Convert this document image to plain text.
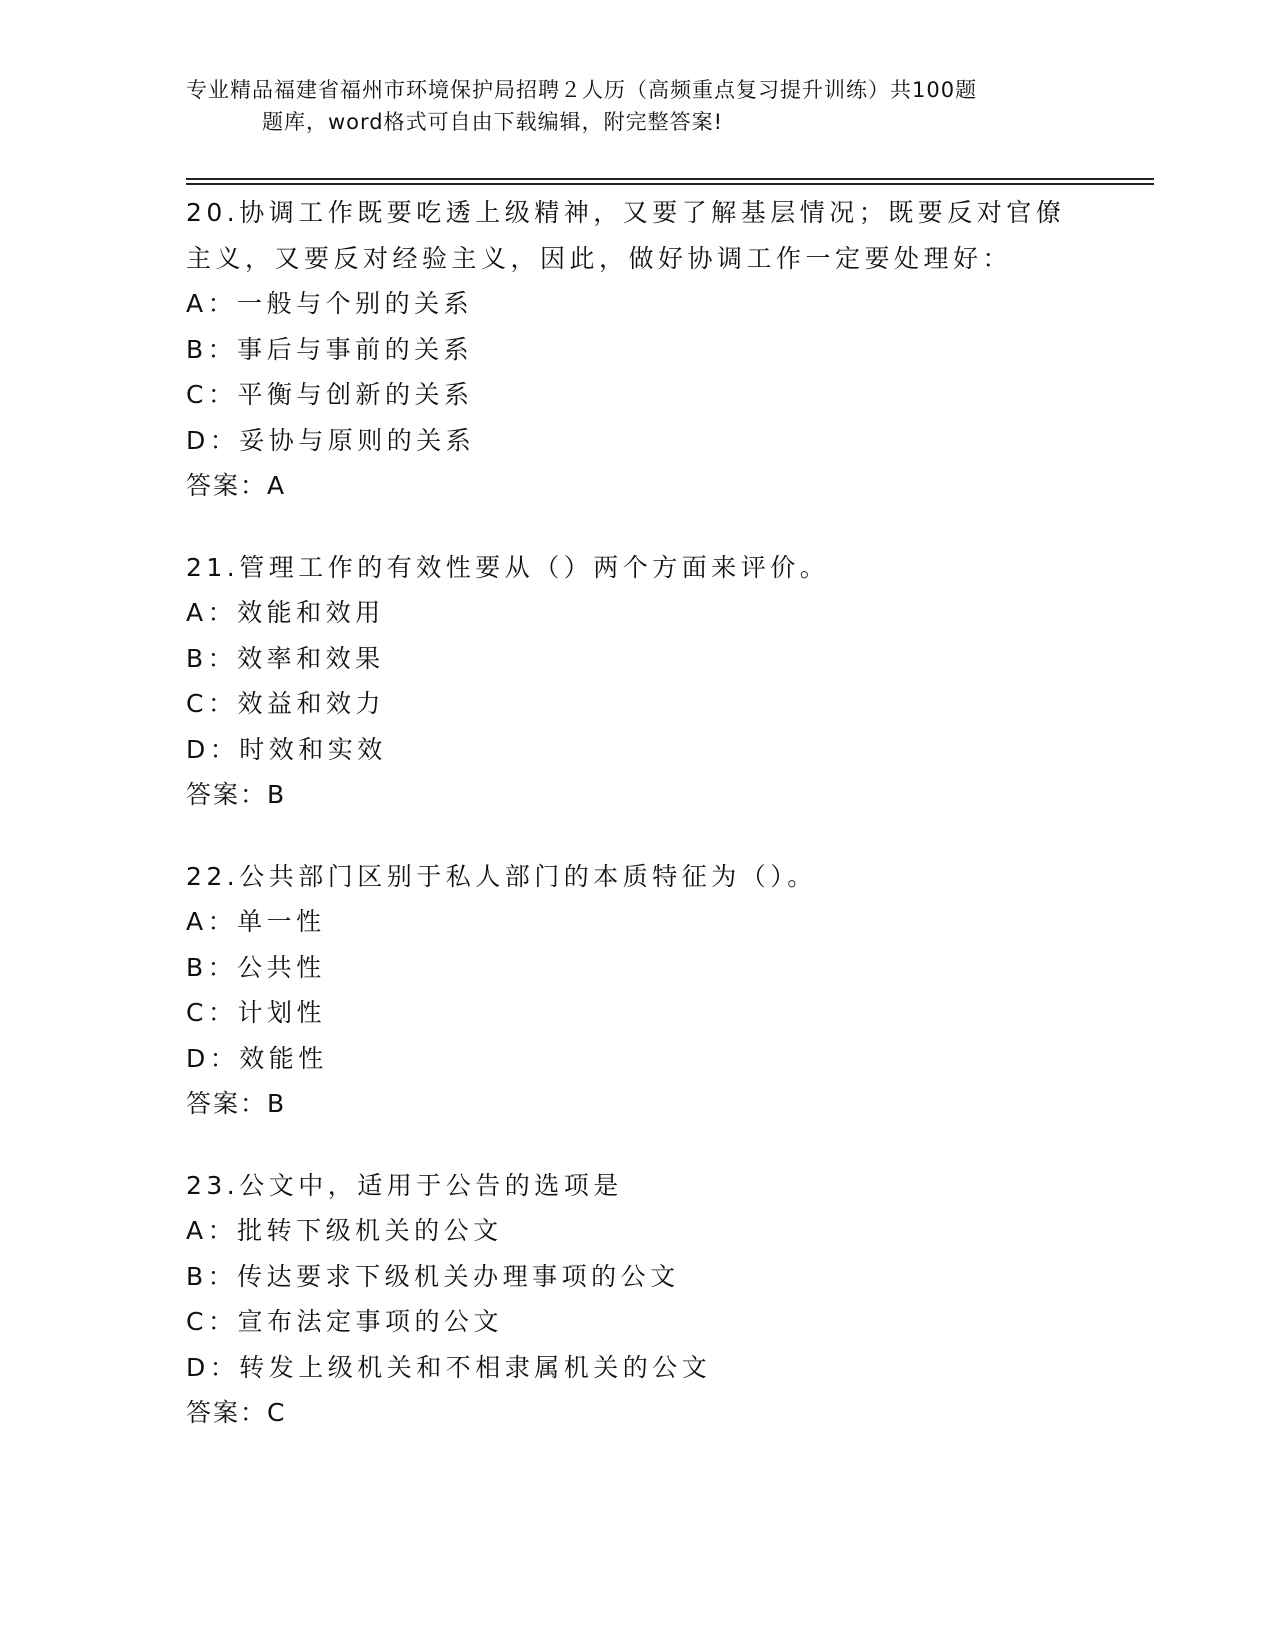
专业精品福建省福州市环境保护局招聘２人历（高频重点复习提升训练）共100题
题库，word格式可自由下载编辑，附完整答案!

20.协调工作既要吃透上级精神，又要了解基层情况；既要反对官僚主义，又要反对经验主义，因此，做好协调工作一定要处理好：

A：一般与个别的关系

B：事后与事前的关系

C：平衡与创新的关系

D：妥协与原则的关系

答案：A

21.管理工作的有效性要从（）两个方面来评价。

A：效能和效用

B：效率和效果

C：效益和效力

D：时效和实效

答案：B

22.公共部门区别于私人部门的本质特征为（）。

A：单一性

B：公共性

C：计划性

D：效能性

答案：B

23.公文中，适用于公告的选项是

A：批转下级机关的公文

B：传达要求下级机关办理事项的公文

C：宣布法定事项的公文

D：转发上级机关和不相隶属机关的公文

答案：C
